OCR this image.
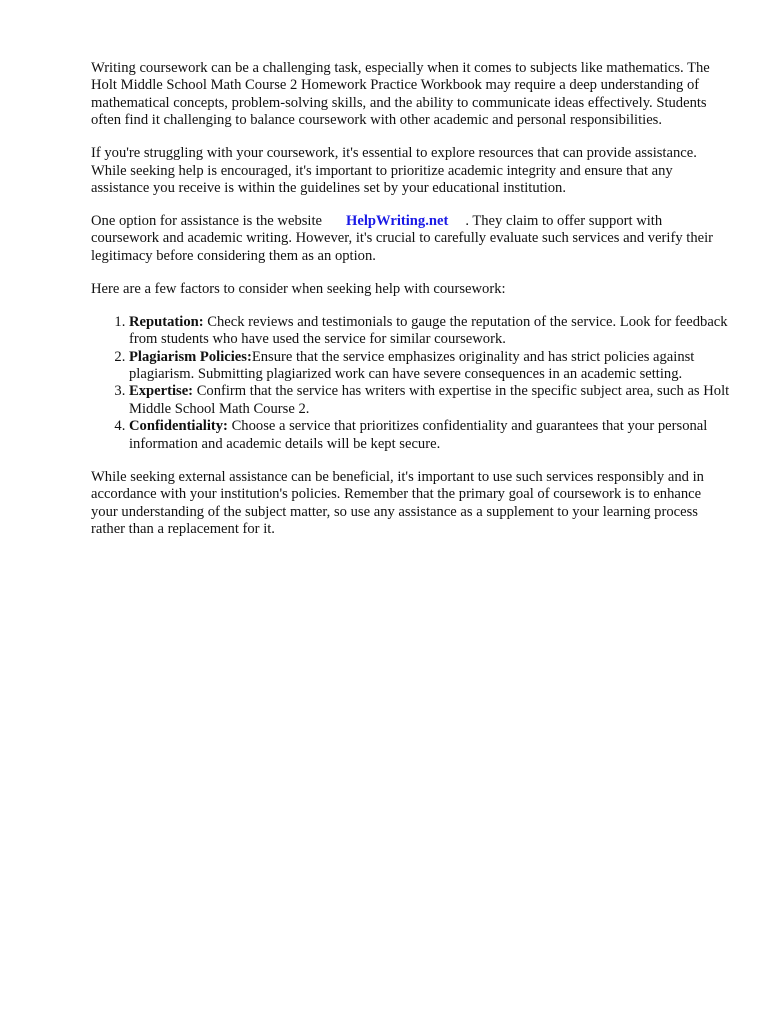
Writing coursework can be a challenging task, especially when it comes to subjects like mathematics. The Holt Middle School Math Course 2 Homework Practice Workbook may require a deep understanding of mathematical concepts, problem-solving skills, and the ability to communicate ideas effectively. Students often find it challenging to balance coursework with other academic and personal responsibilities.

If you're struggling with your coursework, it's essential to explore resources that can provide assistance. While seeking help is encouraged, it's important to prioritize academic integrity and ensure that any assistance you receive is within the guidelines set by your educational institution.

One option for assistance is the website HelpWriting.net . They claim to offer support with coursework and academic writing. However, it's crucial to carefully evaluate such services and verify their legitimacy before considering them as an option.

Here are a few factors to consider when seeking help with coursework:

1. Reputation: Check reviews and testimonials to gauge the reputation of the service. Look for feedback from students who have used the service for similar coursework.
2. Plagiarism Policies:Ensure that the service emphasizes originality and has strict policies against plagiarism. Submitting plagiarized work can have severe consequences in an academic setting.
3. Expertise: Confirm that the service has writers with expertise in the specific subject area, such as Holt Middle School Math Course 2.
4. Confidentiality: Choose a service that prioritizes confidentiality and guarantees that your personal information and academic details will be kept secure.

While seeking external assistance can be beneficial, it's important to use such services responsibly and in accordance with your institution's policies. Remember that the primary goal of coursework is to enhance your understanding of the subject matter, so use any assistance as a supplement to your learning process rather than a replacement for it.
